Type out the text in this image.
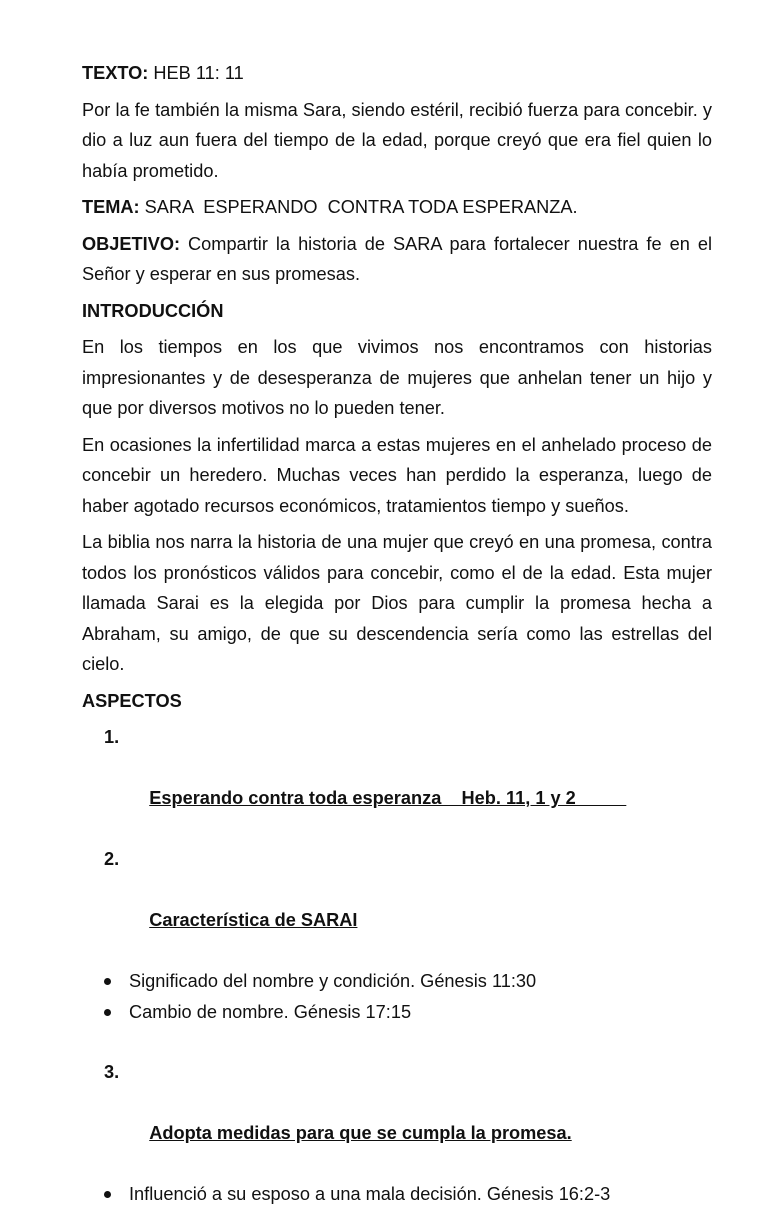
TEXTO: HEB 11: 11

Por la fe también la misma Sara, siendo estéril, recibió fuerza para concebir. y dio a luz aun fuera del tiempo de la edad, porque creyó que era fiel quien lo había prometido.

TEMA: SARA  ESPERANDO  CONTRA TODA ESPERANZA.

OBJETIVO: Compartir la historia de SARA para fortalecer nuestra fe en el Señor y esperar en sus promesas.

INTRODUCCIÓN

En los tiempos en los que vivimos nos encontramos con historias impresionantes y de desesperanza de mujeres que anhelan tener un hijo y que por diversos motivos no lo pueden tener.

En ocasiones la infertilidad marca a estas mujeres en el anhelado proceso de concebir un heredero. Muchas veces han perdido la esperanza, luego de haber agotado recursos económicos, tratamientos tiempo y sueños.

La biblia nos narra la historia de una mujer que creyó en una promesa, contra todos los pronósticos válidos para concebir, como el de la edad. Esta mujer llamada Sarai es la elegida por Dios para cumplir la promesa hecha a Abraham, su amigo, de que su descendencia sería como las estrellas del cielo.

ASPECTOS

1.

Esperando contra toda esperanza    Heb. 11, 1 y 2

2.

Característica de SARAI

Significado del nombre y condición. Génesis 11:30
Cambio de nombre. Génesis 17:15

3.

Adopta medidas para que se cumpla la promesa.

Influenció a su esposo a una mala decisión. Génesis 16:2-3
